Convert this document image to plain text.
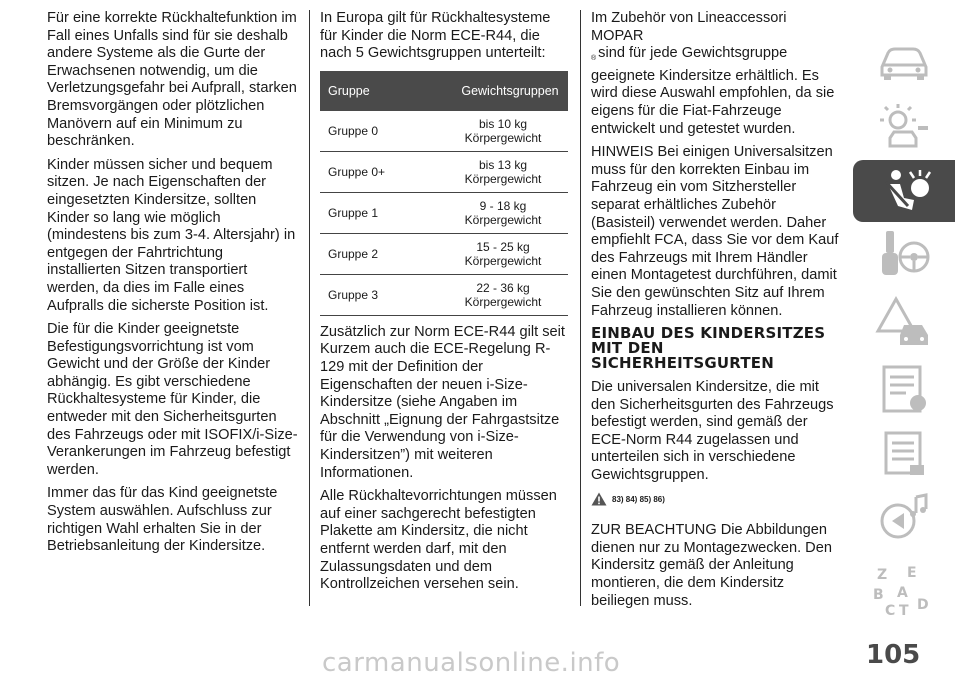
Für eine korrekte Rückhaltefunktion im Fall eines Unfalls sind für sie deshalb andere Systeme als die Gurte der Erwachsenen notwendig, um die Verletzungsgefahr bei Aufprall, starken Bremsvorgängen oder plötzlichen Manövern auf ein Minimum zu beschränken.

Kinder müssen sicher und bequem sitzen. Je nach Eigenschaften der eingesetzten Kindersitze, sollten Kinder so lang wie möglich (mindestens bis zum 3-4. Altersjahr) in entgegen der Fahrtrichtung installierten Sitzen transportiert werden, da dies im Falle eines Aufpralls die sicherste Position ist.

Die für die Kinder geeignetste Befestigungsvorrichtung ist vom Gewicht und der Größe der Kinder abhängig. Es gibt verschiedene Rückhaltesysteme für Kinder, die entweder mit den Sicherheitsgurten des Fahrzeugs oder mit ISOFIX/i-Size-Verankerungen im Fahrzeug befestigt werden.

Immer das für das Kind geeignetste System auswählen. Aufschluss zur richtigen Wahl erhalten Sie in der Betriebsanleitung der Kindersitze.

In Europa gilt für Rückhaltesysteme für Kinder die Norm ECE-R44, die nach 5 Gewichtsgruppen unterteilt:

Gruppe	Gewichtsgruppen
Gruppe 0	bis 10 kg
Körpergewicht
Gruppe 0+	bis 13 kg
Körpergewicht
Gruppe 1	9 - 18 kg
Körpergewicht
Gruppe 2	15 - 25 kg
Körpergewicht
Gruppe 3	22 - 36 kg
Körpergewicht

Zusätzlich zur Norm ECE-R44 gilt seit Kurzem auch die ECE-Regelung R-129 mit der Definition der Eigenschaften der neuen i-Size-Kindersitze (siehe Angaben im Abschnitt „Eignung der Fahrgastsitze für die Verwendung von i-Size-Kindersitzen”) mit weiteren Informationen.

Alle Rückhaltevorrichtungen müssen auf einer sachgerecht befestigten Plakette am Kindersitz, die nicht entfernt werden darf, mit den Zulassungsdaten und dem Kontrollzeichen versehen sein.

Im Zubehör von Lineaccessori MOPAR
$_®$ sind für jede Gewichtsgruppe geeignete Kindersitze erhältlich. Es wird diese Auswahl empfohlen, da sie eigens für die Fiat-Fahrzeuge entwickelt und getestet wurden.

HINWEIS Bei einigen Universalsitzen muss für den korrekten Einbau im Fahrzeug ein vom Sitzhersteller separat erhältliches Zubehör (Basisteil) verwendet werden. Daher empfiehlt FCA, dass Sie vor dem Kauf des Fahrzeugs mit Ihrem Händler einen Montagetest durchführen, damit Sie den gewünschten Sitz auf Ihrem Fahrzeug installieren können.

EINBAU DES KINDERSITZES MIT DEN SICHERHEITSGURTEN

Die universalen Kindersitze, die mit den Sicherheitsgurten des Fahrzeugs befestigt werden, sind gemäß der ECE-Norm R44 zugelassen und unterteilen sich in verschiedene Gewichtsgruppen.

83) 84) 85) 86)

ZUR BEACHTUNG Die Abbildungen dienen nur zu Montagezwecken. Den Kindersitz gemäß der Anleitung montieren, die dem Kindersitz beiliegen muss.

Z E
B A
C T D
105
carmanualsonline.info
